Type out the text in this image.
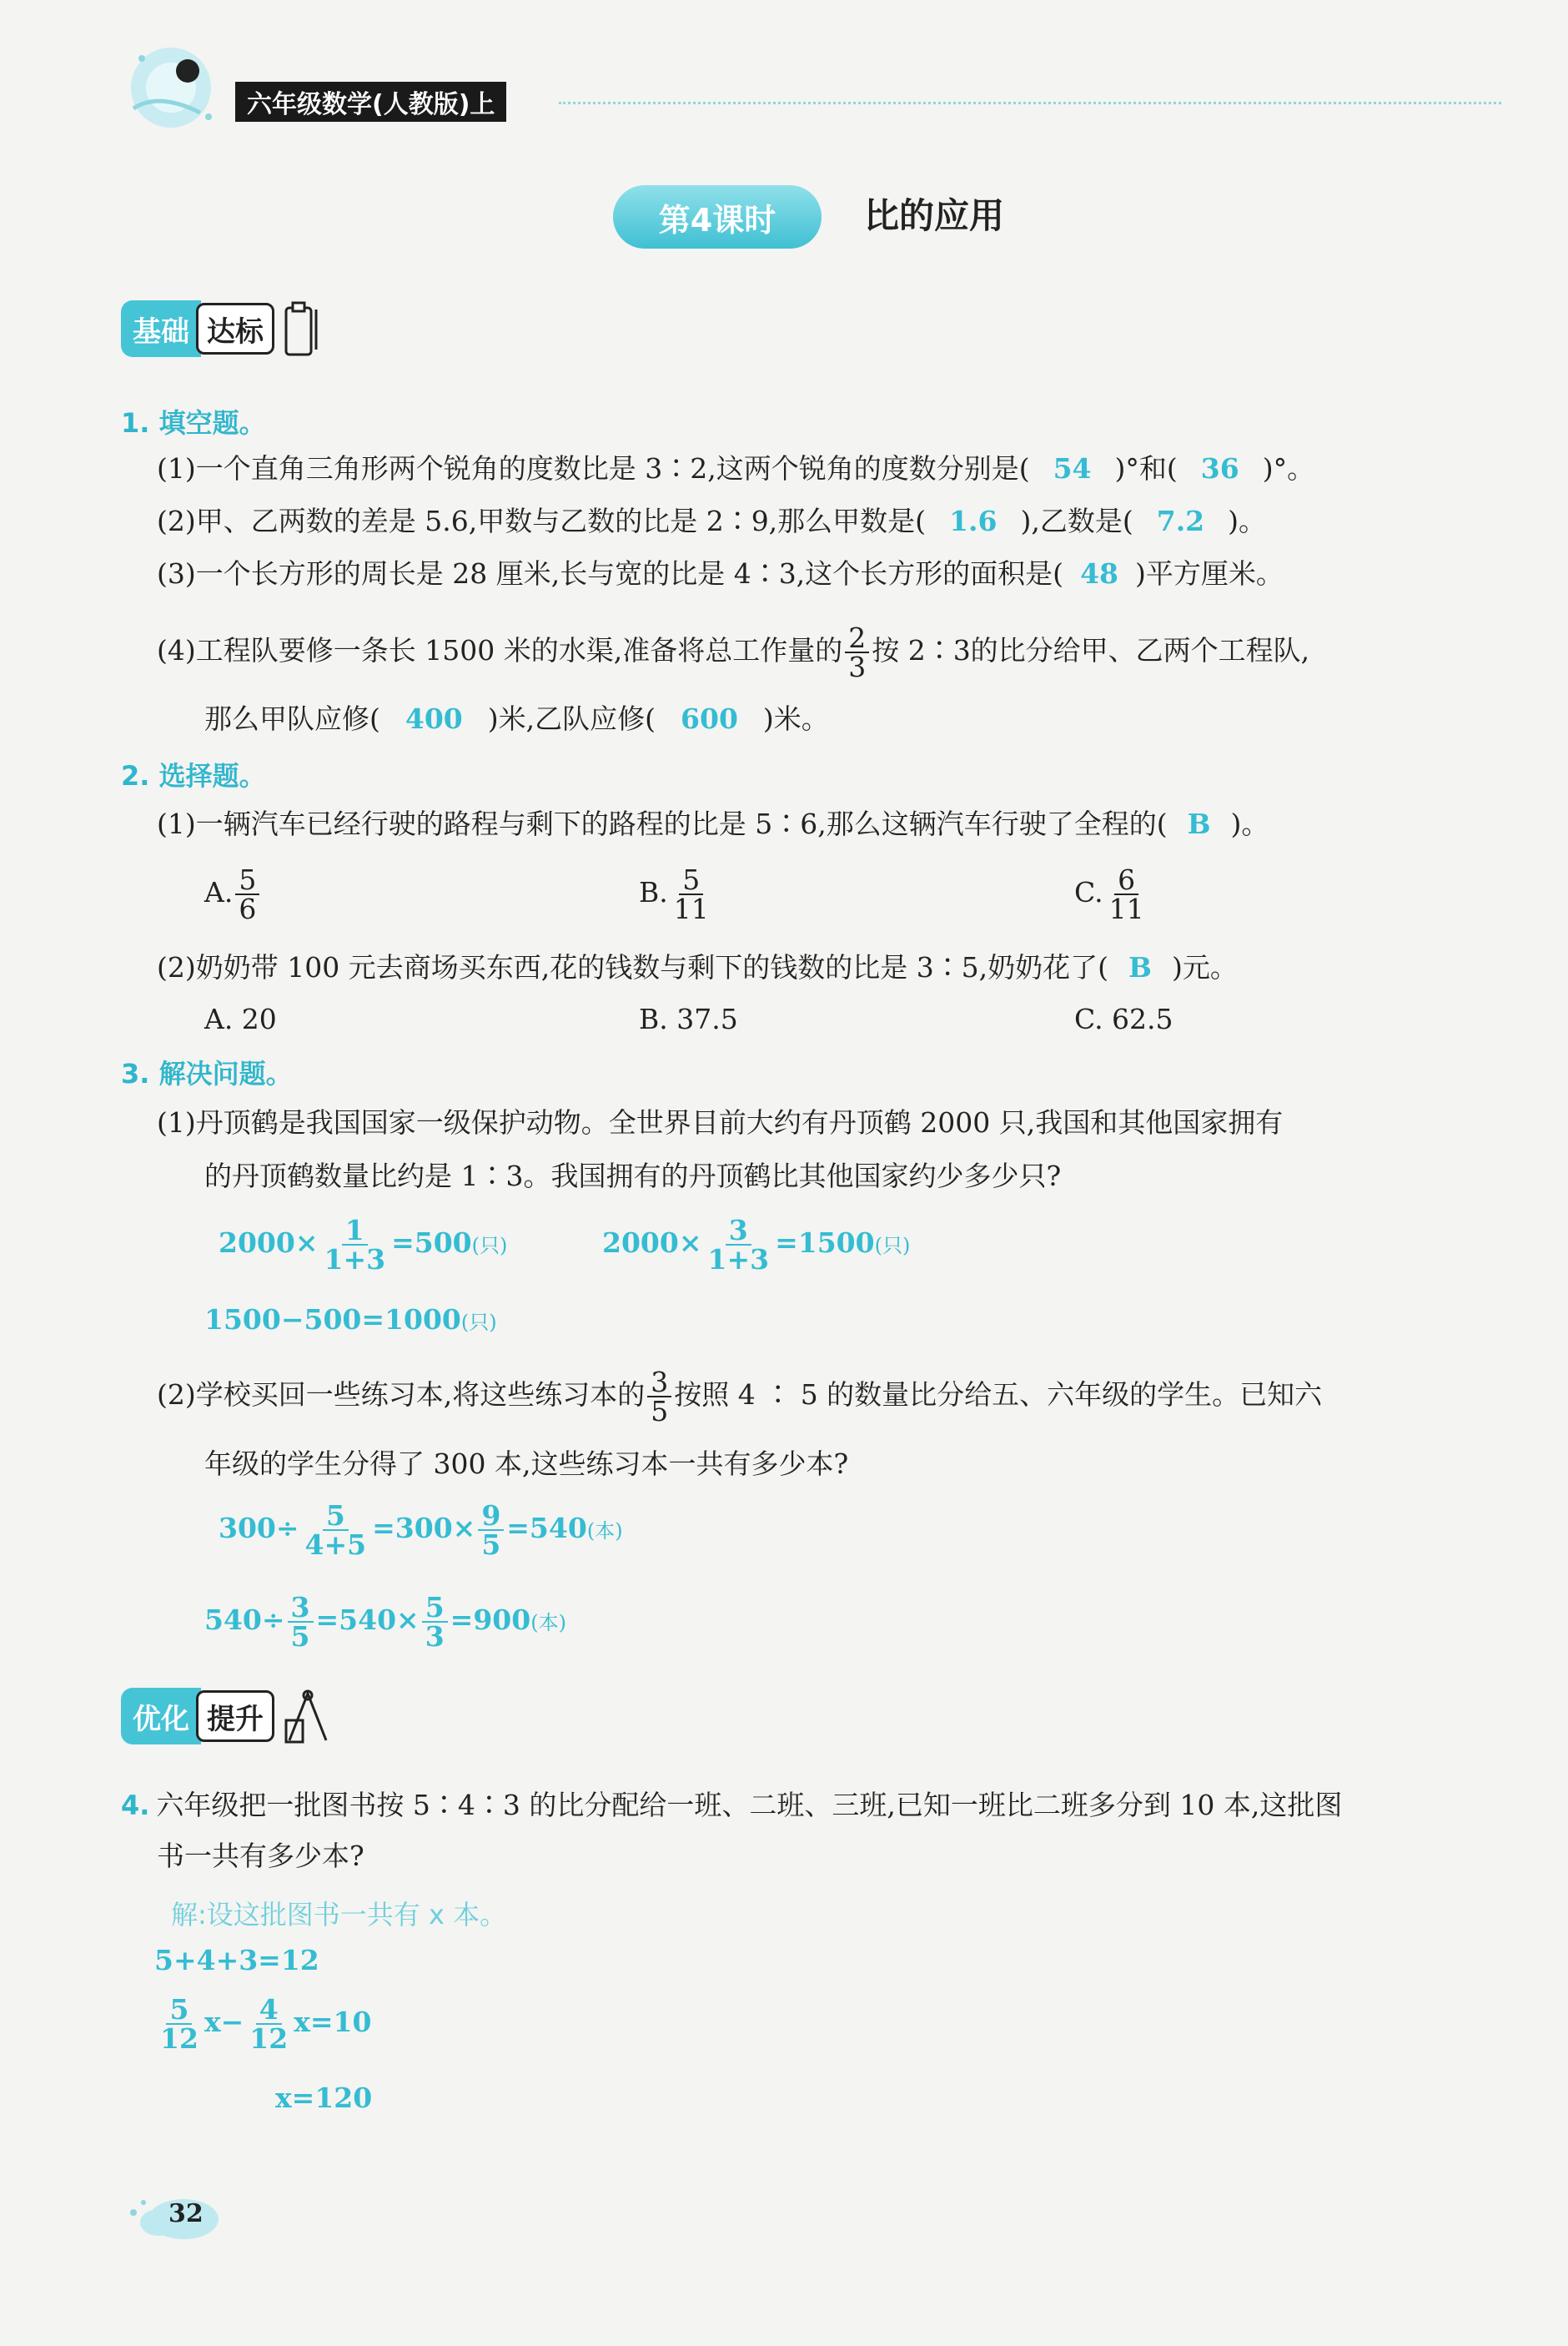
六年级数学 (人教版) 上
第4课时	比的应用
基础 达标
1. 填空题。
(1)一个直角三角形两个锐角的度数比是 3∶2,这两个锐角的度数分别是( 54 )°和( 36 )°。
(2)甲、乙两数的差是 5.6,甲数与乙数的比是 2∶9,那么甲数是( 1.6 ),乙数是( 7.2 )。
(3)一个长方形的周长是 28 厘米,长与宽的比是 4∶3,这个长方形的面积是( 48 )平方厘米。
(4)工程队要修一条长 1500 米的水渠,准备将总工作量的 $\frac{2}{3}$ 按 2∶3的比分给甲、乙两个工程队,
那么甲队应修( 400 )米,乙队应修( 600 )米。
2. 选择题。
(1)一辆汽车已经行驶的路程与剩下的路程的比是 5∶6,那么这辆汽车行驶了全程的( B )。
A. $\frac{5}{6}$	B. $\frac{5}{11}$	C. $\frac{6}{11}$
(2)奶奶带 100 元去商场买东西,花的钱数与剩下的钱数的比是 3∶5,奶奶花了( B )元。
A. 20	B. 37.5	C. 62.5
3. 解决问题。
(1)丹顶鹤是我国国家一级保护动物。全世界目前大约有丹顶鹤 2000 只,我国和其他国家拥有
的丹顶鹤数量比约是 1∶3。我国拥有的丹顶鹤比其他国家约少多少只?
$2000\times \frac{1}{1+3} =500$(只)	$2000\times \frac{3}{1+3} =1500$(只)
1500−500=1000(只)
(2)学校买回一些练习本,将这些练习本的 $\frac{3}{5}$ 按照 4 ∶ 5 的数量比分给五、六年级的学生。已知六
年级的学生分得了 300 本,这些练习本一共有多少本?
$300\div \frac{5}{4+5} =300\times \frac{9}{5} =540$(本)
$540\div \frac{3}{5} =540\times \frac{5}{3} =900$(本)
优化 提升
4. 六年级把一批图书按 5∶4∶3 的比分配给一班、二班、三班,已知一班比二班多分到 10 本,这批图
书一共有多少本?
解:设这批图书一共有 x 本。
5+4+3=12
$\frac{5}{12} x- \frac{4}{12} x=10$
x=120
32
